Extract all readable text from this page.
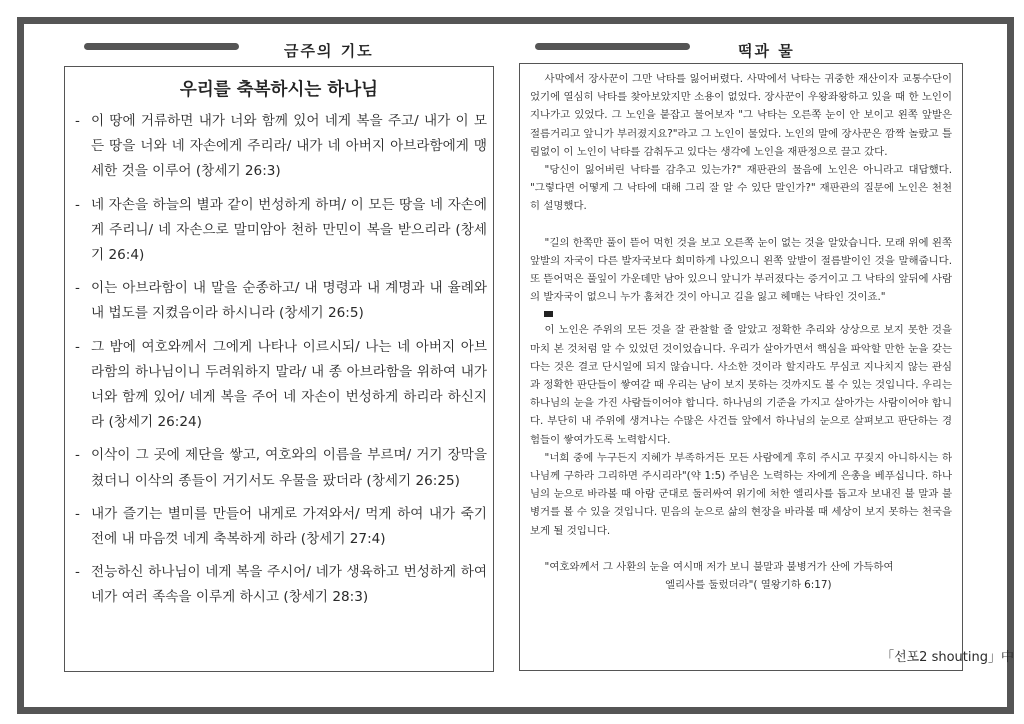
금주의 기도	떡과 물
우리를 축복하시는 하나님
- 이 땅에 거류하면 내가 너와 함께 있어 네게 복을 주고/ 내가 이 모든 땅을 너와 네 자손에게 주리라/ 내가 네 아버지 아브라함에게 맹세한 것을 이루어 (창세기 26:3)
- 네 자손을 하늘의 별과 같이 번성하게 하며/ 이 모든 땅을 네 자손에게 주리니/ 네 자손으로 말미암아 천하 만민이 복을 받으리라 (창세기 26:4)
- 이는 아브라함이 내 말을 순종하고/ 내 명령과 내 계명과 내 율례와 내 법도를 지켰음이라 하시니라 (창세기 26:5)
- 그 밤에 여호와께서 그에게 나타나 이르시되/ 나는 네 아버지 아브라함의 하나님이니 두려워하지 말라/ 내 종 아브라함을 위하여 내가 너와 함께 있어/ 네게 복을 주어 네 자손이 번성하게 하리라 하신지라 (창세기 26:24)
- 이삭이 그 곳에 제단을 쌓고, 여호와의 이름을 부르며/ 거기 장막을 쳤더니 이삭의 종들이 거기서도 우물을 팠더라 (창세기 26:25)
- 내가 즐기는 별미를 만들어 내게로 가져와서/ 먹게 하여 내가 죽기 전에 내 마음껏 네게 축복하게 하라 (창세기 27:4)
- 전능하신 하나님이 네게 복을 주시어/ 네가 생육하고 번성하게 하여 네가 여러 족속을 이루게 하시고 (창세기 28:3)
「선포2 shouting」中

사막에서 장사꾼이 그만 낙타를 잃어버렸다. 사막에서 낙타는 귀중한 재산이자 교통수단이었기에 열심히 낙타를 찾아보았지만 소용이 없었다. 장사꾼이 우왕좌왕하고 있을 때 한 노인이 지나가고 있었다. 그 노인을 붙잡고 물어보자 "그 낙타는 오른쪽 눈이 안 보이고 왼쪽 앞발은 절름거리고 앞니가 부러졌지요?"라고 그 노인이 물었다. 노인의 말에 장사꾼은 깜짝 놀랐고 틀림없이 이 노인이 낙타를 감춰두고 있다는 생각에 노인을 재판정으로 끌고 갔다.

"당신이 잃어버린 낙타를 감추고 있는가?" 재판관의 물음에 노인은 아니라고 대답했다. "그렇다면 어떻게 그 낙타에 대해 그리 잘 알 수 있단 말인가?" 재판관의 질문에 노인은 천천히 설명했다.

"길의 한쪽만 풀이 뜯어 먹힌 것을 보고 오른쪽 눈이 없는 것을 알았습니다. 모래 위에 왼쪽 앞발의 자국이 다른 발자국보다 희미하게 나있으니 왼쪽 앞발이 절름발이인 것을 말해줍니다. 또 뜯어먹은 풀잎이 가운데만 남아 있으니 앞니가 부러졌다는 증거이고 그 낙타의 앞뒤에 사람의 발자국이 없으니 누가 훔쳐간 것이 아니고 길을 잃고 헤매는 낙타인 것이죠."

이 노인은 주위의 모든 것을 잘 관찰할 줄 알았고 정확한 추리와 상상으로 보지 못한 것을 마치 본 것처럼 알 수 있었던 것이었습니다. 우리가 살아가면서 핵심을 파악할 만한 눈을 갖는다는 것은 결코 단시일에 되지 않습니다. 사소한 것이라 할지라도 무심코 지나치지 않는 관심과 정확한 판단들이 쌓여갈 때 우리는 남이 보지 못하는 것까지도 볼 수 있는 것입니다. 우리는 하나님의 눈을 가진 사람들이어야 합니다. 하나님의 기준을 가지고 살아가는 사람이어야 합니다. 부단히 내 주위에 생겨나는 수많은 사건들 앞에서 하나님의 눈으로 살펴보고 판단하는 경험들이 쌓여가도록 노력합시다.

"너희 중에 누구든지 지혜가 부족하거든 모든 사람에게 후히 주시고 꾸짖지 아니하시는 하나님께 구하라 그리하면 주시리라"(약 1:5) 주님은 노력하는 자에게 은총을 베푸십니다. 하나님의 눈으로 바라볼 때 아람 군대로 둘러싸여 위기에 처한 엘리사를 돕고자 보내진 불 말과 불 병거를 볼 수 있을 것입니다. 믿음의 눈으로 삶의 현장을 바라볼 때 세상이 보지 못하는 천국을 보게 될 것입니다.

"여호와께서 그 사환의 눈을 여시매 저가 보니 불말과 불병거가 산에 가득하여

엘리사를 둘렀더라"( 열왕기하 6:17)
